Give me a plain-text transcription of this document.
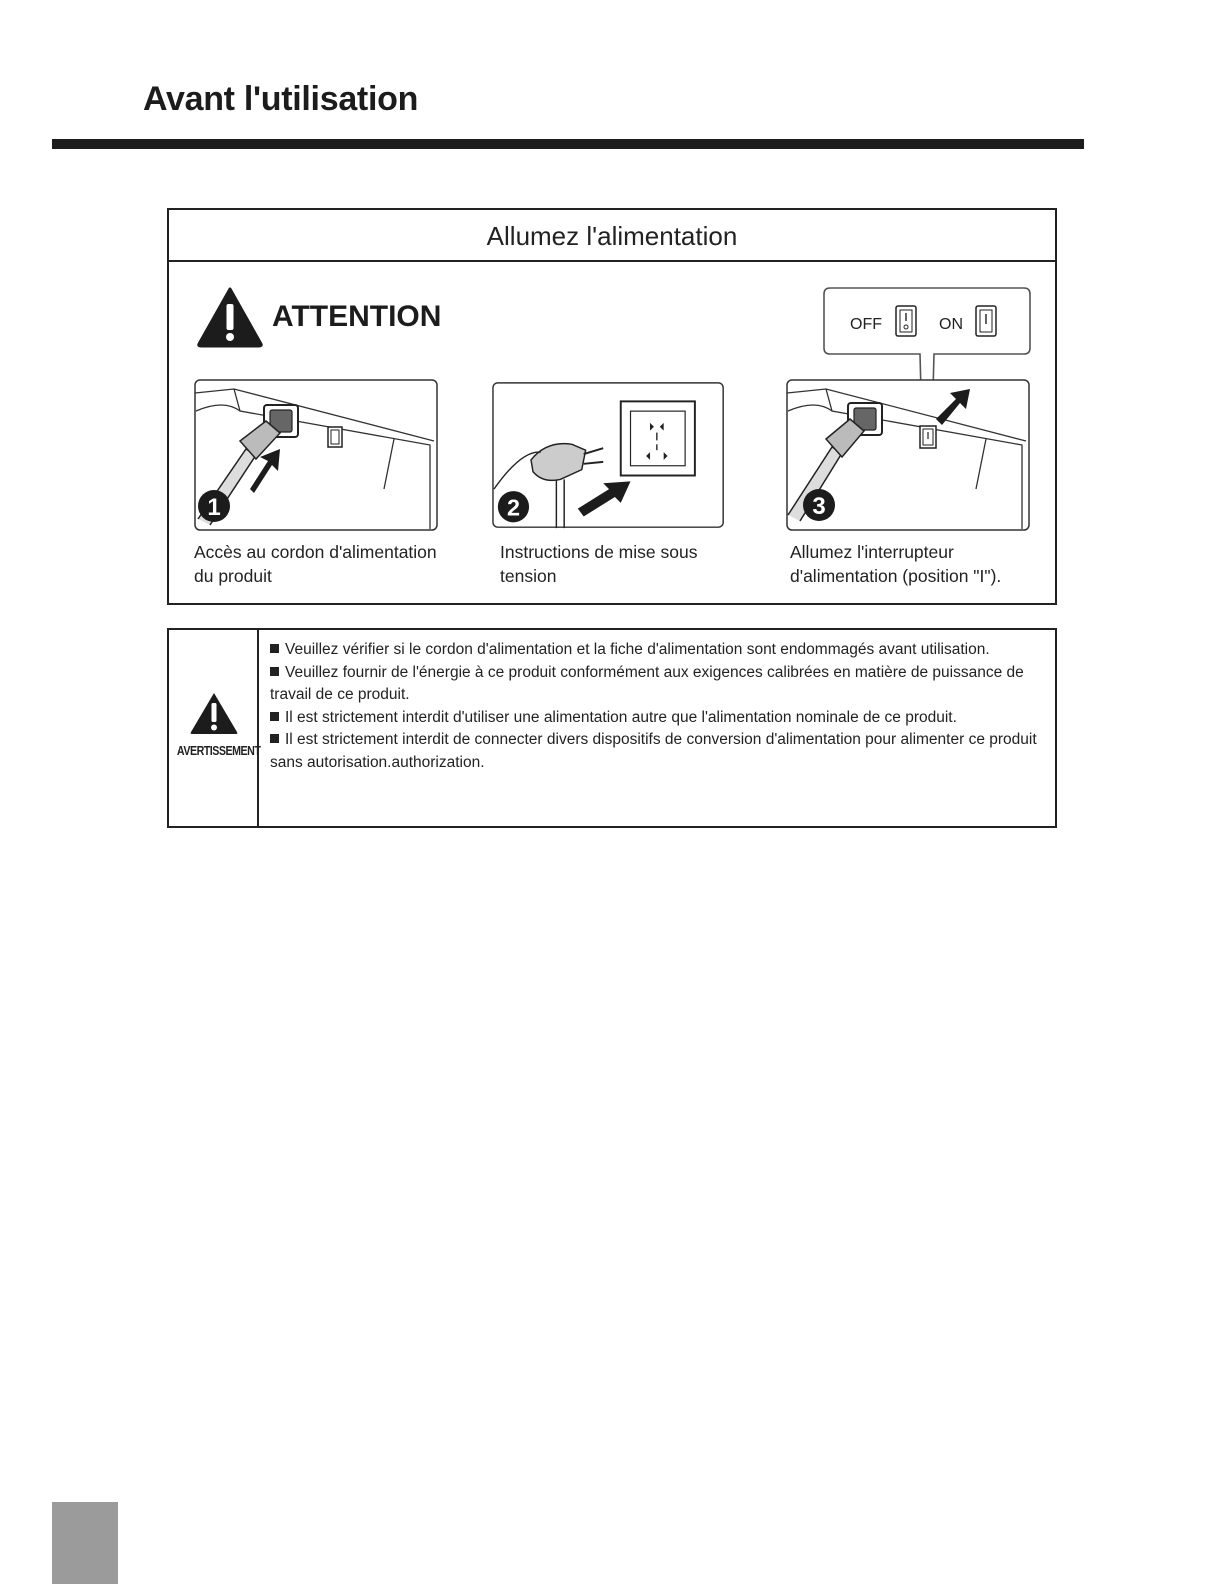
Avant l'utilisation
Allumez l'alimentation
ATTENTION	OFF	ON
1
Accès au cordon d'alimentation
du produit
2
Instructions de mise sous
tension
3
Allumez l'interrupteur
d'alimentation (position "I").
AVERTISSEMENT
Veuillez vérifier si le cordon d'alimentation et la fiche d'alimentation sont endommagés avant utilisation.
Veuillez fournir de l'énergie à ce produit conformément aux exigences calibrées en matière de puissance de travail de ce produit.
Il est strictement interdit d'utiliser une alimentation autre que l'alimentation nominale de ce produit.
Il est strictement interdit de connecter divers dispositifs de conversion d'alimentation pour alimenter ce produit sans autorisation.authorization.
